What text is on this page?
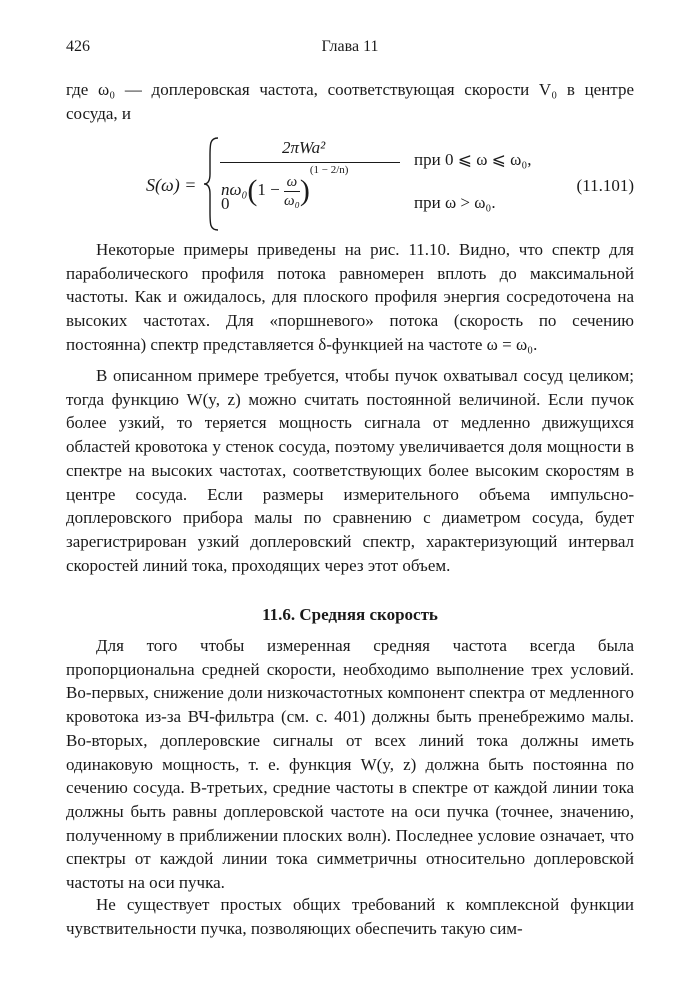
426	Глава 11

где ω₀ — доплеровская частота, соответствующая скорости V₀ в центре сосуда, и

S(ω) =
2πWa²
$n\omega_0(1 - \frac{\omega}{\text{ω₀}})^{(1 - 2/n)}$
0
при 0 ⩽ ω ⩽ ω₀,
при ω > ω₀.
(11.101)

Некоторые примеры приведены на рис. 11.10. Видно, что спектр для параболического профиля потока равномерен вплоть до максимальной частоты. Как и ожидалось, для плоского профиля энергия сосредоточена на высоких частотах. Для «поршневого» потока (скорость по сечению постоянна) спектр представляется δ-функцией на частоте ω = ω₀.

В описанном примере требуется, чтобы пучок охватывал сосуд целиком; тогда функцию W(y, z) можно считать постоянной величиной. Если пучок более узкий, то теряется мощность сигнала от медленно движущихся областей кровотока у стенок сосуда, поэтому увеличивается доля мощности в спектре на высоких частотах, соответствующих более высоким скоростям в центре сосуда. Если размеры измерительного объема импульсно-доплеровского прибора малы по сравнению с диаметром сосуда, будет зарегистрирован узкий доплеровский спектр, характеризующий интервал скоростей линий тока, проходящих через этот объем.

11.6. Средняя скорость

Для того чтобы измеренная средняя частота всегда была пропорциональна средней скорости, необходимо выполнение трех условий. Во-первых, снижение доли низкочастотных компонент спектра от медленного кровотока из-за ВЧ-фильтра (см. с. 401) должны быть пренебрежимо малы. Во-вторых, доплеровские сигналы от всех линий тока должны иметь одинаковую мощность, т. е. функция W(y, z) должна быть постоянна по сечению сосуда. В-третьих, средние частоты в спектре от каждой линии тока должны быть равны доплеровской частоте на оси пучка (точнее, значению, полученному в приближении плоских волн). Последнее условие означает, что спектры от каждой линии тока симметричны относительно доплеровской частоты на оси пучка.

Не существует простых общих требований к комплексной функции чувствительности пучка, позволяющих обеспечить такую сим-
